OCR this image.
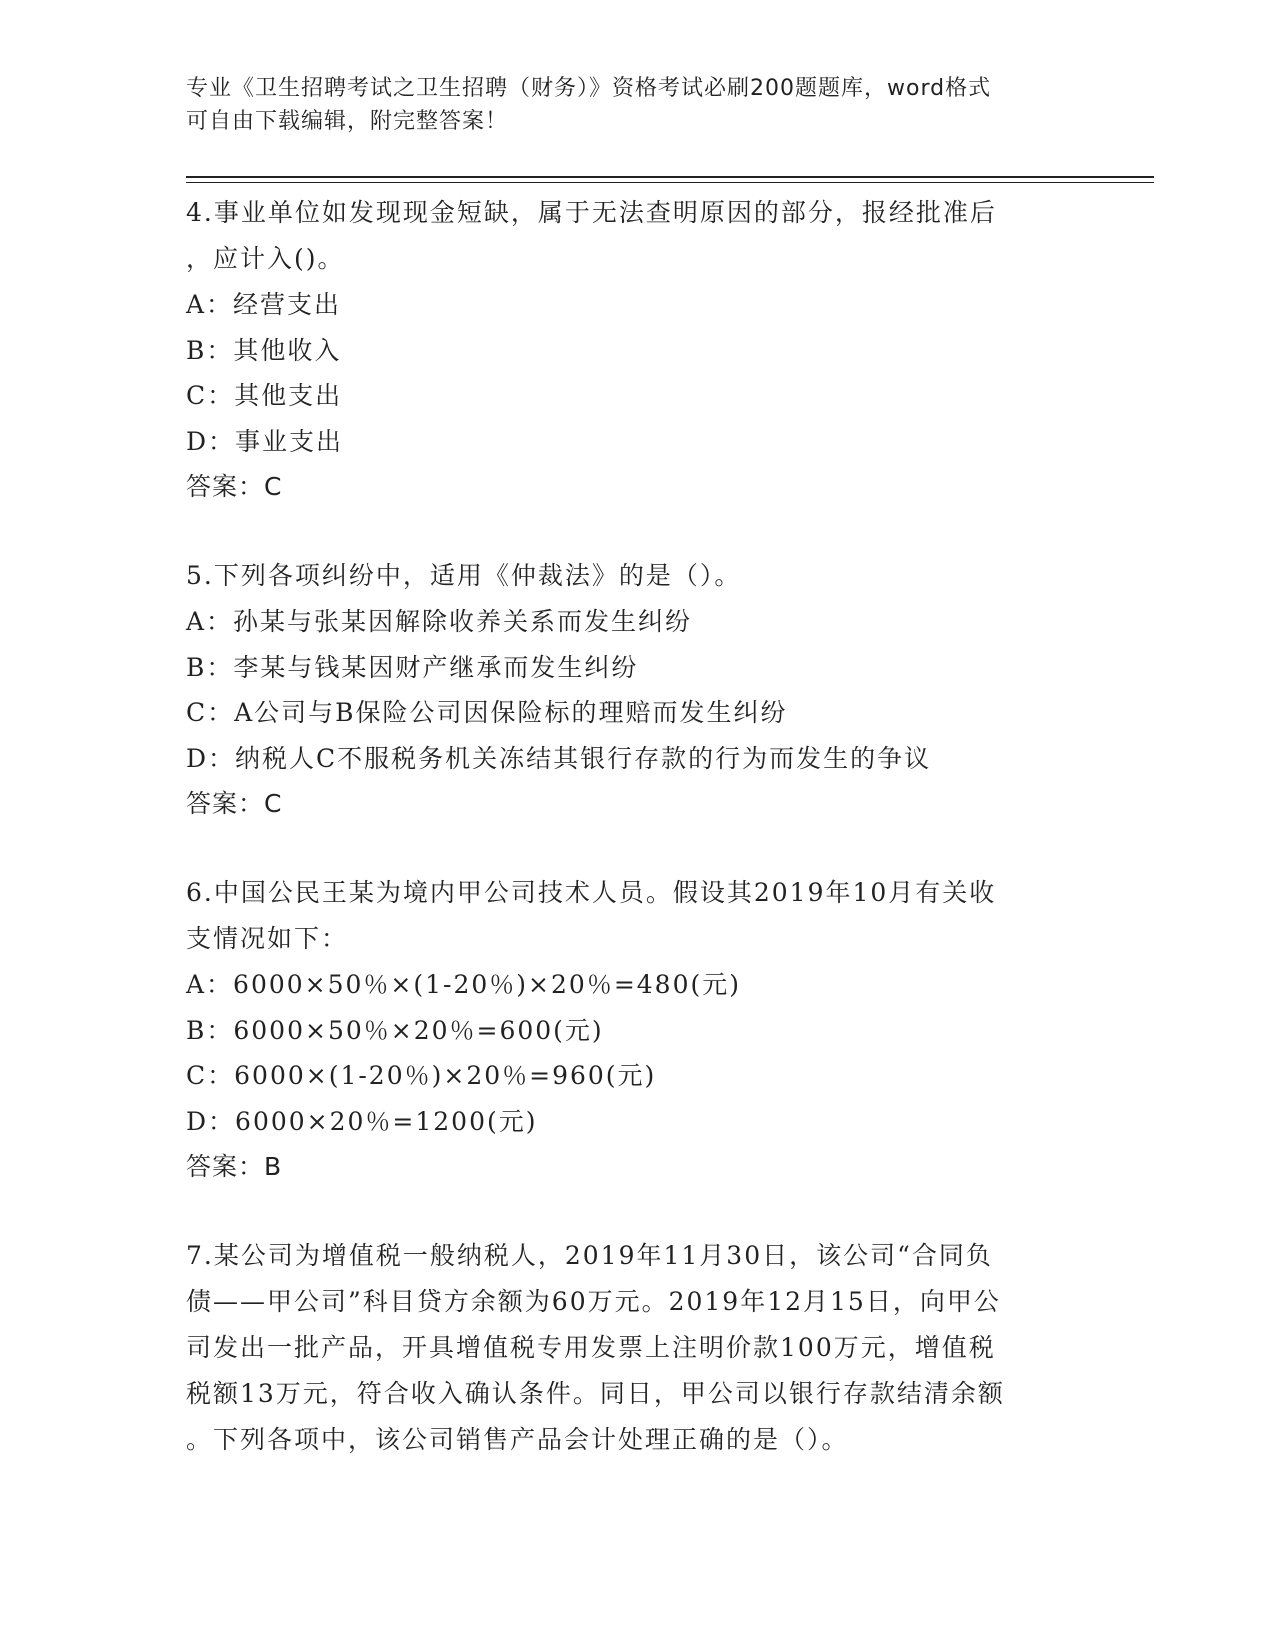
专业《卫生招聘考试之卫生招聘（财务）》资格考试必刷200题题库，word格式
可自由下载编辑，附完整答案！
4.事业单位如发现现金短缺，属于无法查明原因的部分，报经批准后
，应计入()。
A：经营支出
B：其他收入
C：其他支出
D：事业支出
答案：C
5.下列各项纠纷中，适用《仲裁法》的是（）。
A：孙某与张某因解除收养关系而发生纠纷
B：李某与钱某因财产继承而发生纠纷
C：A公司与B保险公司因保险标的理赔而发生纠纷
D：纳税人C不服税务机关冻结其银行存款的行为而发生的争议
答案：C
6.中国公民王某为境内甲公司技术人员。假设其2019年10月有关收
支情况如下：
A：6000×50％×(1-20％)×20％=480(元)
B：6000×50％×20％=600(元)
C：6000×(1-20％)×20％=960(元)
D：6000×20％=1200(元)
答案：B
7.某公司为增值税一般纳税人，2019年11月30日，该公司“合同负
债——甲公司”科目贷方余额为60万元。2019年12月15日，向甲公
司发出一批产品，开具增值税专用发票上注明价款100万元，增值税
税额13万元，符合收入确认条件。同日，甲公司以银行存款结清余额
。下列各项中，该公司销售产品会计处理正确的是（）。
